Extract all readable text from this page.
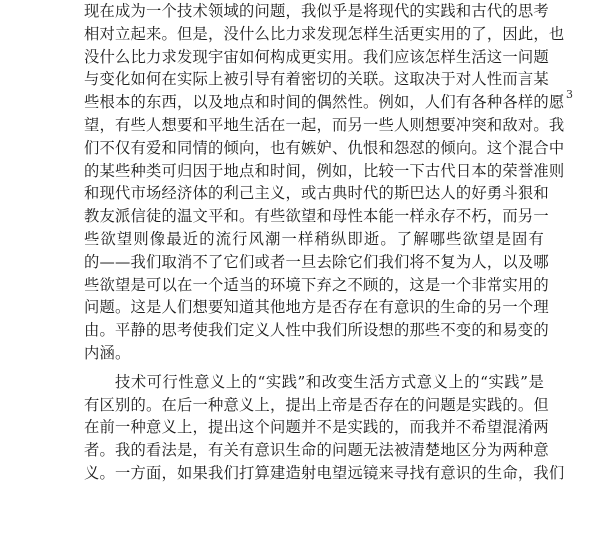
现在成为一个技术领域的问题，我似乎是将现代的实践和古代的思考
相对立起来。但是，没什么比力求发现怎样生活更实用的了，因此，也
没什么比力求发现宇宙如何构成更实用。我们应该怎样生活这一问题
与变化如何在实际上被引导有着密切的关联。这取决于对人性而言某
些根本的东西，以及地点和时间的偶然性。例如，人们有各种各样的愿
望，有些人想要和平地生活在一起，而另一些人则想要冲突和敌对。我
们不仅有爱和同情的倾向，也有嫉妒、仇恨和怨怼的倾向。这个混合中
的某些种类可归因于地点和时间，例如，比较一下古代日本的荣誉准则
和现代市场经济体的利己主义，或古典时代的斯巴达人的好勇斗狠和
教友派信徒的温文平和。有些欲望和母性本能一样永存不朽，而另一
些欲望则像最近的流行风潮一样稍纵即逝。了解哪些欲望是固有
的——我们取消不了它们或者一旦去除它们我们将不复为人，以及哪
些欲望是可以在一个适当的环境下弃之不顾的，这是一个非常实用的
问题。这是人们想要知道其他地方是否存在有意识的生命的另一个理
由。平静的思考使我们定义人性中我们所设想的那些不变的和易变的
内涵。
技术可行性意义上的“实践”和改变生活方式意义上的“实践”是
有区别的。在后一种意义上，提出上帝是否存在的问题是实践的。但
在前一种意义上，提出这个问题并不是实践的，而我并不希望混淆两
者。我的看法是，有关有意识生命的问题无法被清楚地区分为两种意
义。一方面，如果我们打算建造射电望远镜来寻找有意识的生命，我们
3
